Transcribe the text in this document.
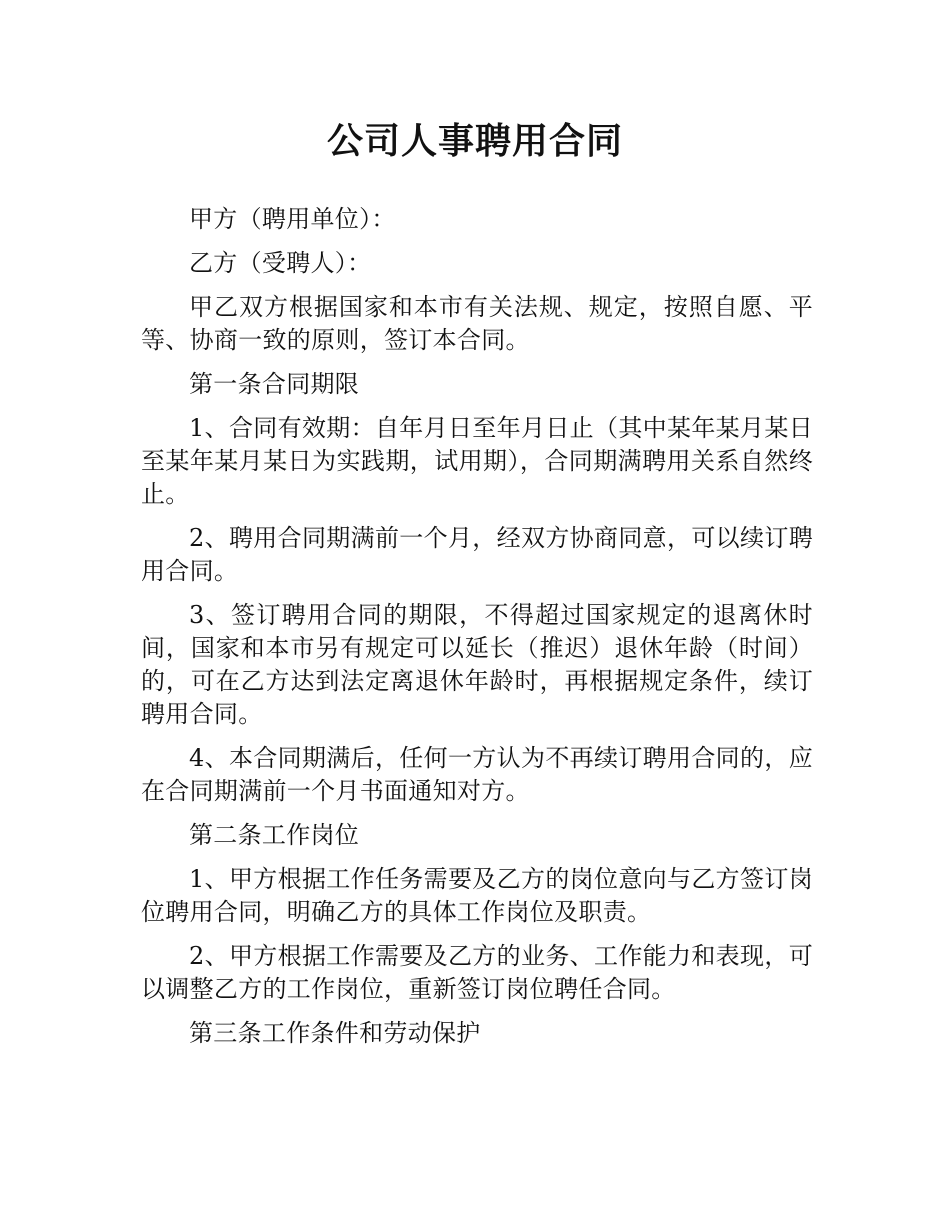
公司人事聘用合同

甲方（聘用单位）：

乙方（受聘人）：

甲乙双方根据国家和本市有关法规、规定，按照自愿、平等、协商一致的原则，签订本合同。

第一条合同期限

1、合同有效期：自年月日至年月日止（其中某年某月某日至某年某月某日为实践期，试用期），合同期满聘用关系自然终止。

2、聘用合同期满前一个月，经双方协商同意，可以续订聘用合同。

3、签订聘用合同的期限，不得超过国家规定的退离休时间，国家和本市另有规定可以延长（推迟）退休年龄（时间）的，可在乙方达到法定离退休年龄时，再根据规定条件，续订聘用合同。

4、本合同期满后，任何一方认为不再续订聘用合同的，应在合同期满前一个月书面通知对方。

第二条工作岗位

1、甲方根据工作任务需要及乙方的岗位意向与乙方签订岗位聘用合同，明确乙方的具体工作岗位及职责。

2、甲方根据工作需要及乙方的业务、工作能力和表现，可以调整乙方的工作岗位，重新签订岗位聘任合同。

第三条工作条件和劳动保护
